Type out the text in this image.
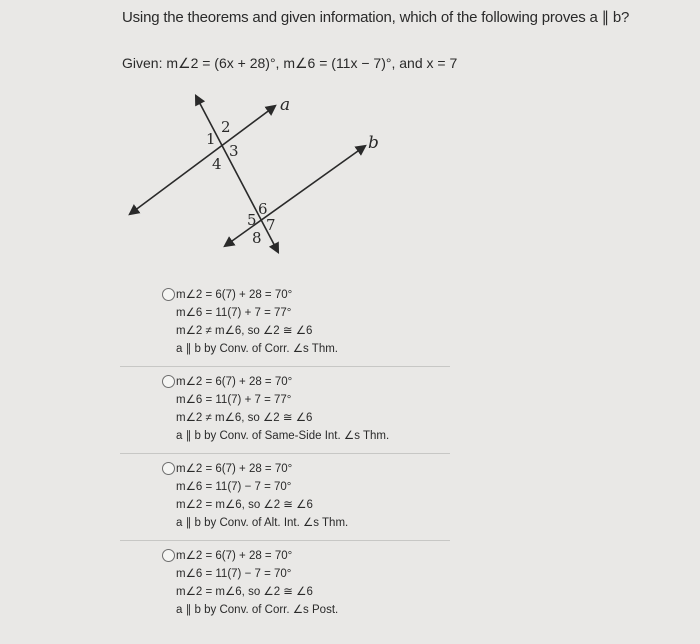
Using the theorems and given information, which of the following proves a ∥ b?
Given: m∠2 = (6x + 28)°, m∠6 = (11x − 7)°, and x = 7
a
b
1
2
3
4
5
6
7
8
m∠2 = 6(7) + 28 = 70°
m∠6 = 11(7) + 7 = 77°
m∠2 ≠ m∠6, so ∠2 ≅ ∠6
a ∥ b by Conv. of Corr. ∠s Thm.
m∠2 = 6(7) + 28 = 70°
m∠6 = 11(7) + 7 = 77°
m∠2 ≠ m∠6, so ∠2 ≅ ∠6
a ∥ b by Conv. of Same-Side Int. ∠s Thm.
m∠2 = 6(7) + 28 = 70°
m∠6 = 11(7) − 7 = 70°
m∠2 = m∠6, so ∠2 ≅ ∠6
a ∥ b by Conv. of Alt. Int. ∠s Thm.
m∠2 = 6(7) + 28 = 70°
m∠6 = 11(7) − 7 = 70°
m∠2 = m∠6, so ∠2 ≅ ∠6
a ∥ b by Conv. of Corr. ∠s Post.
